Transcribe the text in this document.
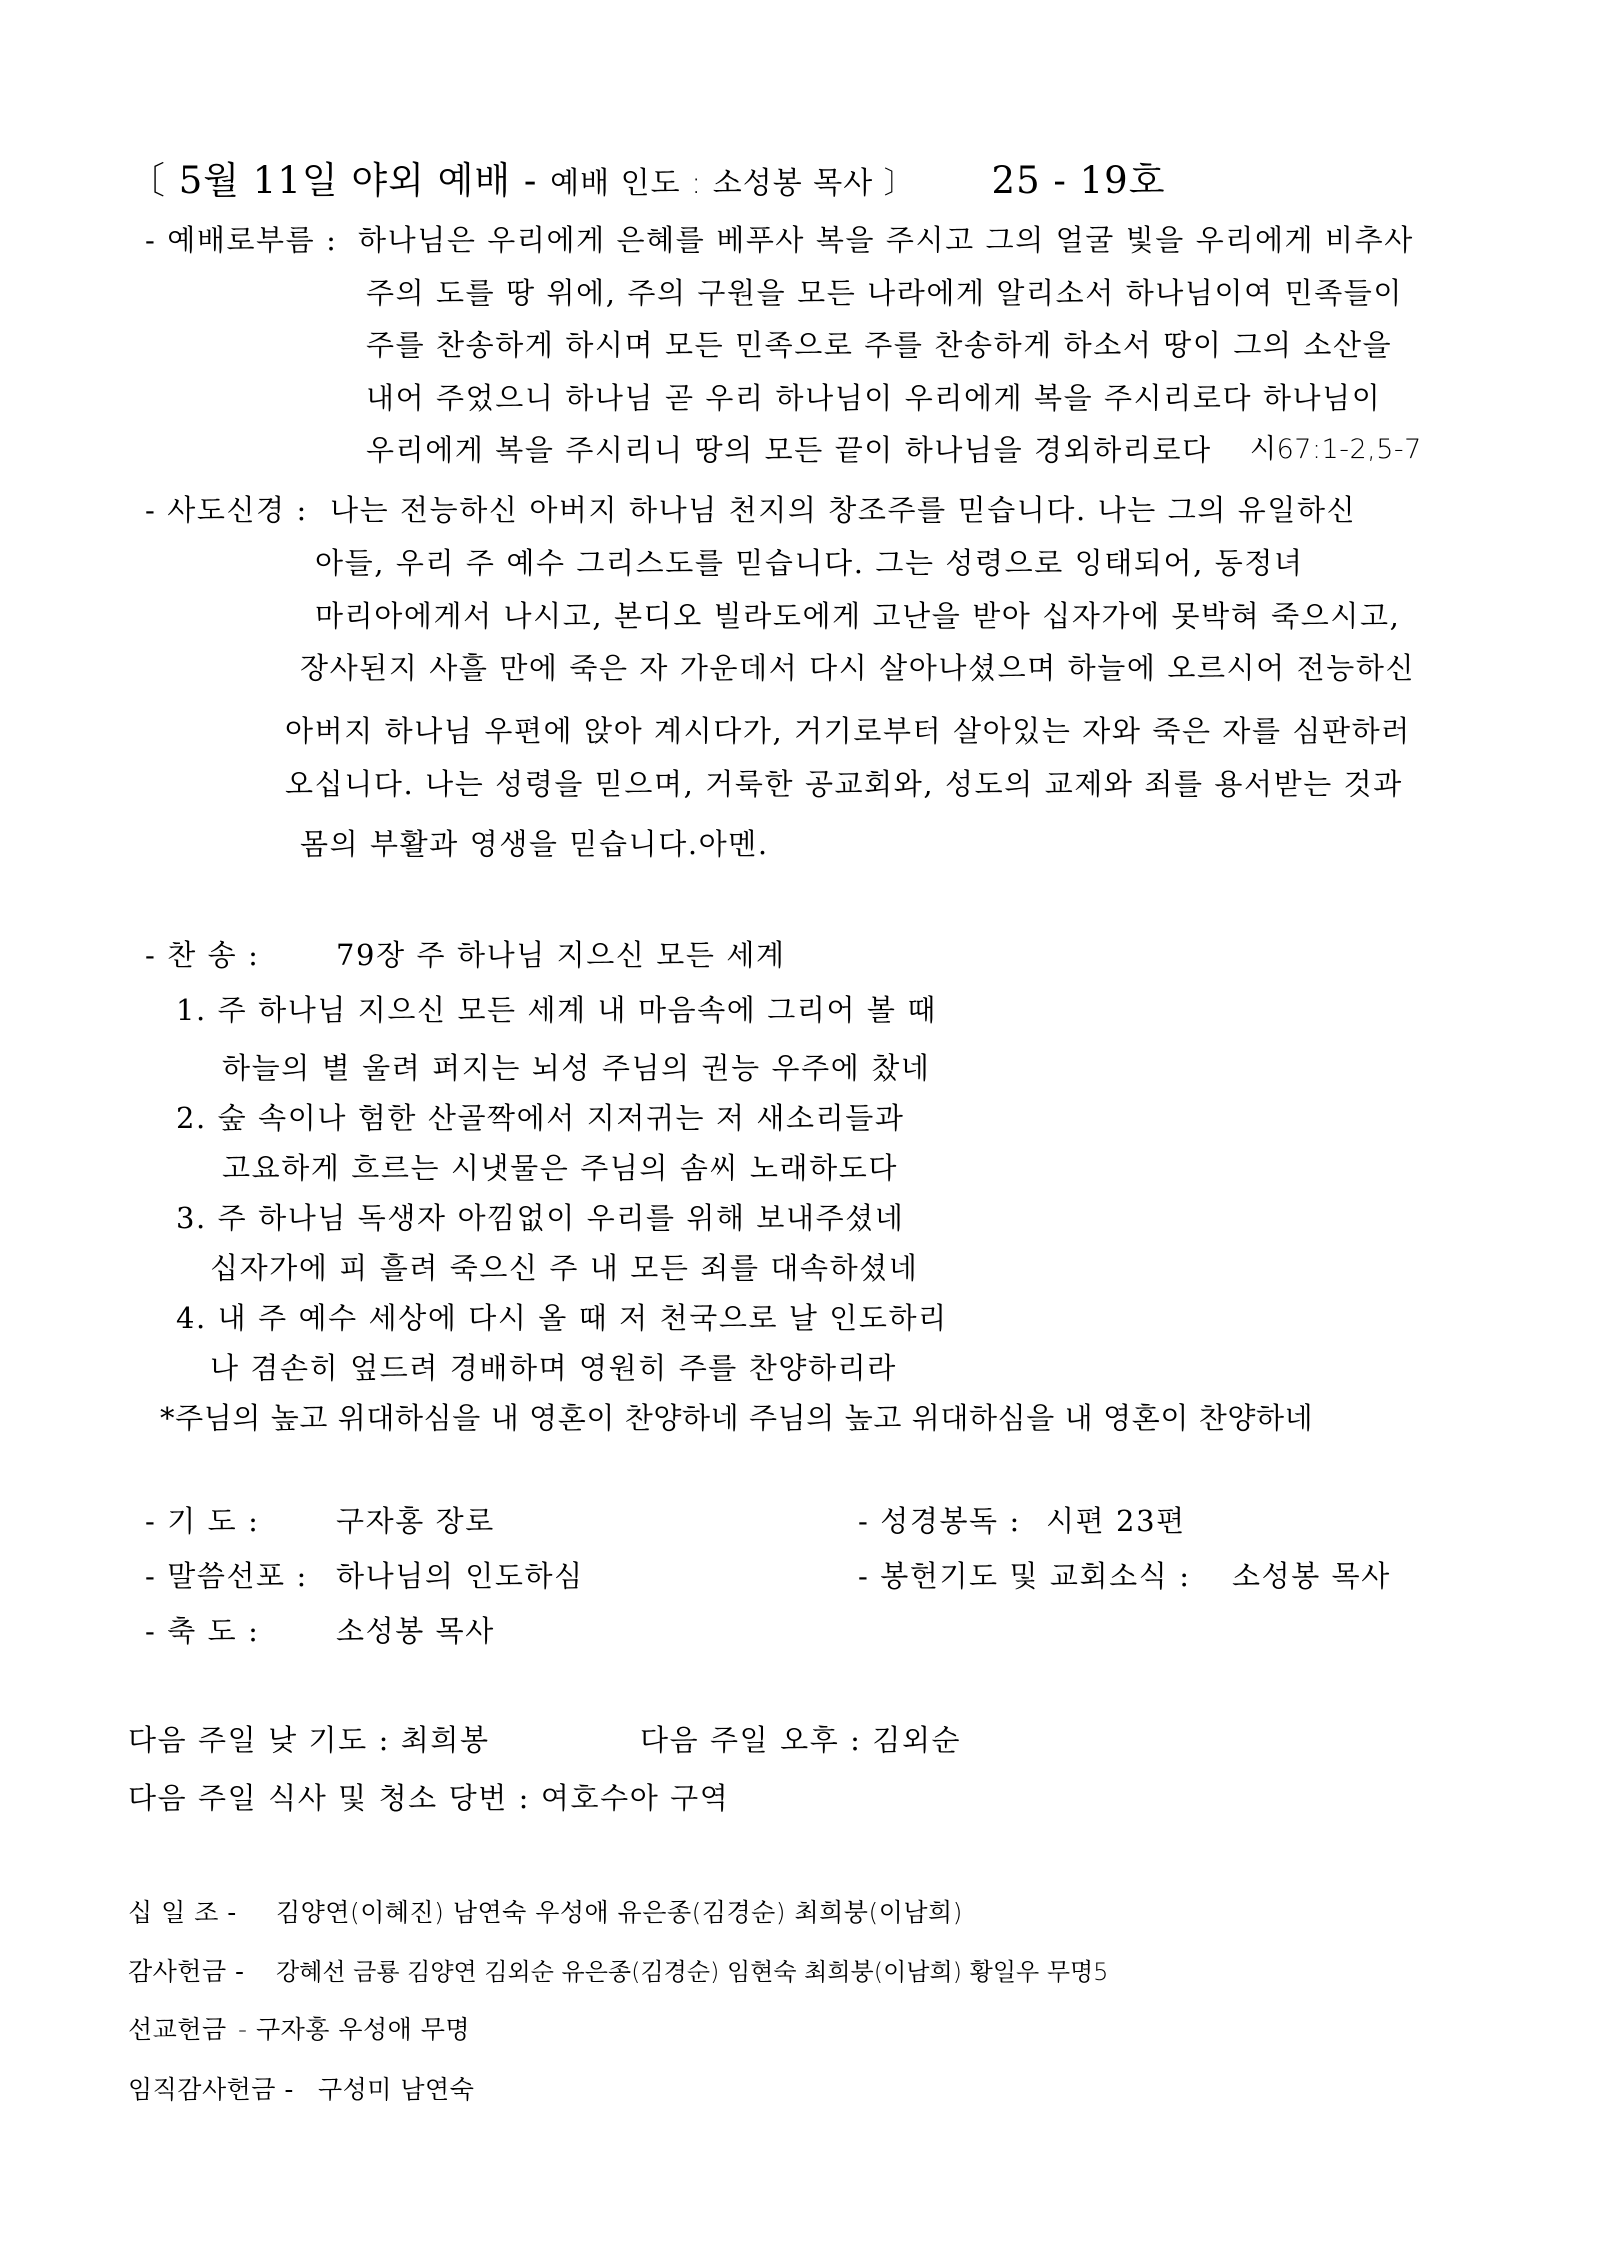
〔 5월 11일 야외 예배 - 예배 인도 : 소성봉 목사 〕 25 - 19호
- 예배로부름 : 하나님은 우리에게 은혜를 베푸사 복을 주시고 그의 얼굴 빛을 우리에게 비추사
주의 도를 땅 위에, 주의 구원을 모든 나라에게 알리소서 하나님이여 민족들이
주를 찬송하게 하시며 모든 민족으로 주를 찬송하게 하소서 땅이 그의 소산을
내어 주었으니 하나님 곧 우리 하나님이 우리에게 복을 주시리로다 하나님이
우리에게 복을 주시리니 땅의 모든 끝이 하나님을 경외하리로다 시67:1-2,5-7
- 사도신경 : 나는 전능하신 아버지 하나님 천지의 창조주를 믿습니다. 나는 그의 유일하신
아들, 우리 주 예수 그리스도를 믿습니다. 그는 성령으로 잉태되어, 동정녀
마리아에게서 나시고, 본디오 빌라도에게 고난을 받아 십자가에 못박혀 죽으시고,
장사된지 사흘 만에 죽은 자 가운데서 다시 살아나셨으며 하늘에 오르시어 전능하신
아버지 하나님 우편에 앉아 계시다가, 거기로부터 살아있는 자와 죽은 자를 심판하러
오십니다. 나는 성령을 믿으며, 거룩한 공교회와, 성도의 교제와 죄를 용서받는 것과
몸의 부활과 영생을 믿습니다.아멘.
- 찬 송 :	79장 주 하나님 지으신 모든 세계
1. 주 하나님 지으신 모든 세계 내 마음속에 그리어 볼 때
하늘의 별 울려 퍼지는 뇌성 주님의 권능 우주에 찼네
2. 숲 속이나 험한 산골짝에서 지저귀는 저 새소리들과
고요하게 흐르는 시냇물은 주님의 솜씨 노래하도다
3. 주 하나님 독생자 아낌없이 우리를 위해 보내주셨네
십자가에 피 흘려 죽으신 주 내 모든 죄를 대속하셨네
4. 내 주 예수 세상에 다시 올 때 저 천국으로 날 인도하리
나 겸손히 엎드려 경배하며 영원히 주를 찬양하리라
*주님의 높고 위대하심을 내 영혼이 찬양하네 주님의 높고 위대하심을 내 영혼이 찬양하네
- 기 도 :	구자홍 장로	- 성경봉독 : 시편 23편
- 말씀선포 : 하나님의 인도하심	- 봉헌기도 및 교회소식 : 소성봉 목사
- 축 도 :	소성봉 목사
다음 주일 낮 기도 : 최희봉	다음 주일 오후 : 김외순
다음 주일 식사 및 청소 당번 : 여호수아 구역
십 일 조 - 김양연(이혜진) 남연숙 우성애 유은종(김경순) 최희붕(이남희)
감사헌금 - 강혜선 금룡 김양연 김외순 유은종(김경순) 임현숙 최희붕(이남희) 황일우 무명5
선교헌금 - 구자홍 우성애 무명
임직감사헌금 - 구성미 남연숙
